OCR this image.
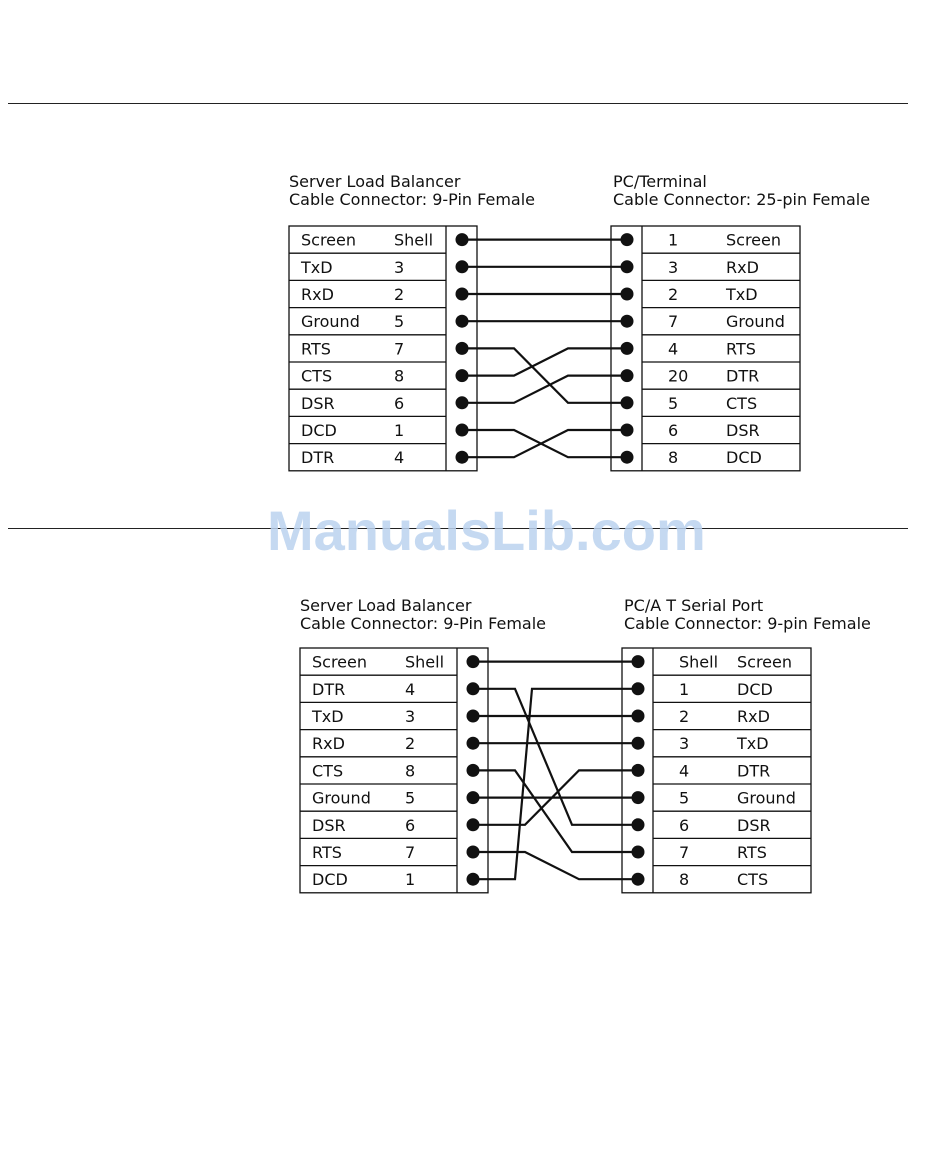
Server Load Balancer
Cable Connector: 9-Pin Female
PC/Terminal
Cable Connector: 25-pin Female
Server Load Balancer
Cable Connector: 9-Pin Female
PC/A T Serial Port
Cable Connector: 9-pin Female
Screen Shell	1	Screen
TxD	3	3	RxD
RxD	2	2	TxD
Ground 5	7	Ground
RTS	7	4	RTS
CTS	8	20 DTR
DSR	6	5	CTS
DCD	1	6	DSR
DTR	4	8	DCD
Screen Shell	Shell Screen
DTR	4	1	DCD
TxD	3	2	RxD
RxD	2	3	TxD
CTS	8	4	DTR
Ground 5	5	Ground
DSR	6	6	DSR
RTS	7	7	RTS
DCD	1	8	CTS
ManualsLib.com
